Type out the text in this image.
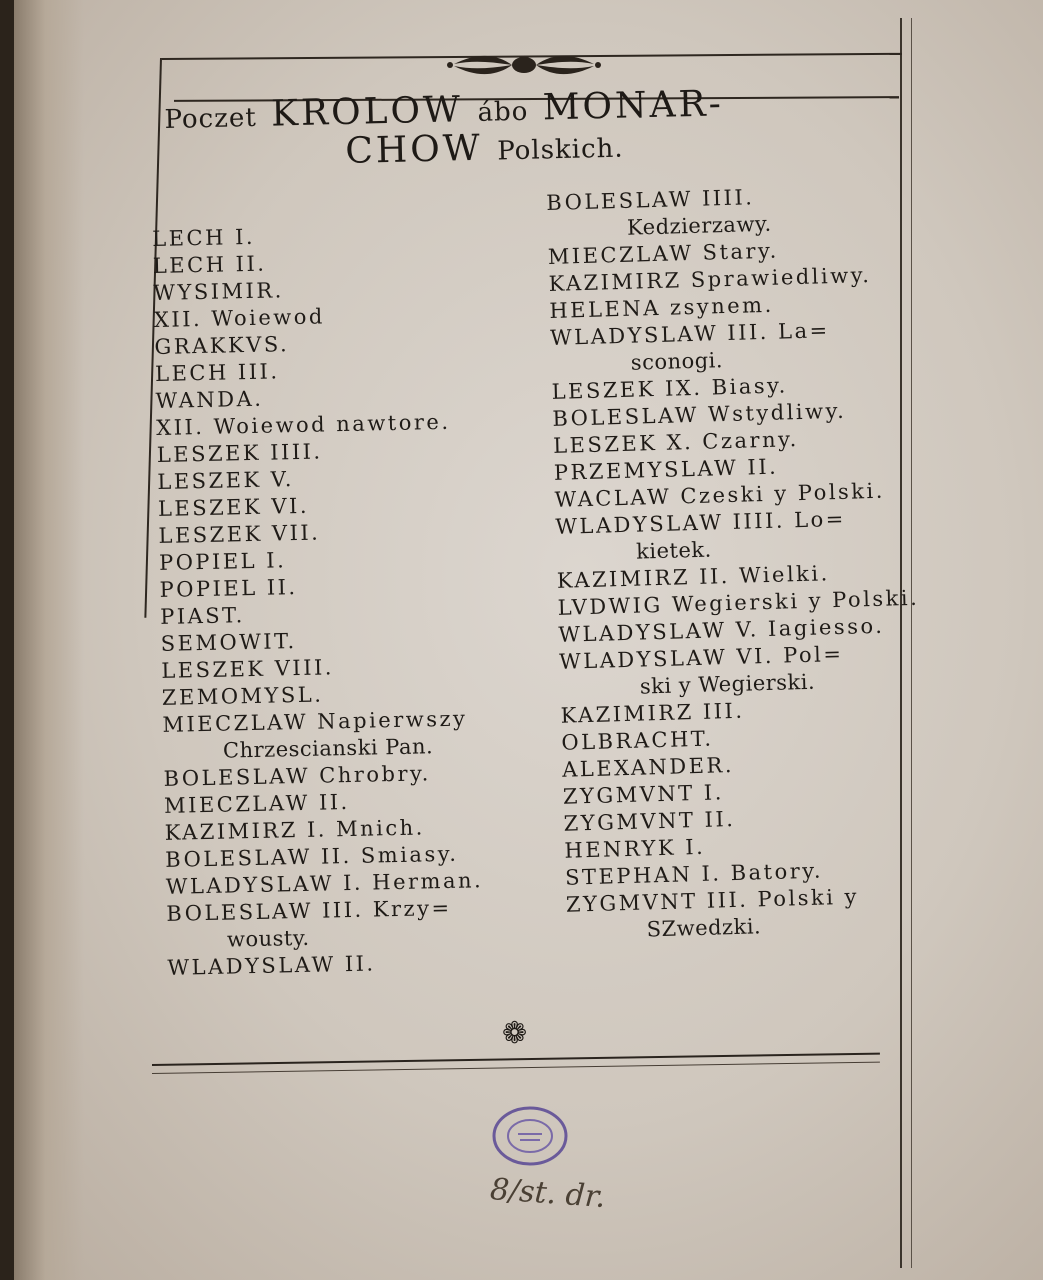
Poczet KROLOW ábo MONAR-
CHOW Polskich.
LECH I.
LECH II.
WYSIMIR.
XII. Woiewod
GRAKKVS.
LECH III.
WANDA.
XII. Woiewod nawtore.
LESZEK IIII.
LESZEK V.
LESZEK VI.
LESZEK VII.
POPIEL I.
POPIEL II.
PIAST.
SEMOWIT.
LESZEK VIII.
ZEMOMYSL.
MIECZLAW Napierwszy
Chrzescianski Pan.
BOLESLAW Chrobry.
MIECZLAW II.
KAZIMIRZ I. Mnich.
BOLESLAW II. Smiasy.
WLADYSLAW I. Herman.
BOLESLAW III. Krzy=
wousty.
WLADYSLAW II.
BOLESLAW IIII.
Kedzierzawy.
MIECZLAW Stary.
KAZIMIRZ Sprawiedliwy.
HELENA zsynem.
WLADYSLAW III. La=
sconogi.
LESZEK IX. Biasy.
BOLESLAW Wstydliwy.
LESZEK X. Czarny.
PRZEMYSLAW II.
WACLAW Czeski y Polski.
WLADYSLAW IIII. Lo=
kietek.
KAZIMIRZ II. Wielki.
LVDWIG Wegierski y Polski.
WLADYSLAW V. Iagiesso.
WLADYSLAW VI. Pol=
ski y Wegierski.
KAZIMIRZ III.
OLBRACHT.
ALEXANDER.
ZYGMVNT I.
ZYGMVNT II.
HENRYK I.
STEPHAN I. Batory.
ZYGMVNT III. Polski y
SZwedzki.
❁
8/st. dr.
